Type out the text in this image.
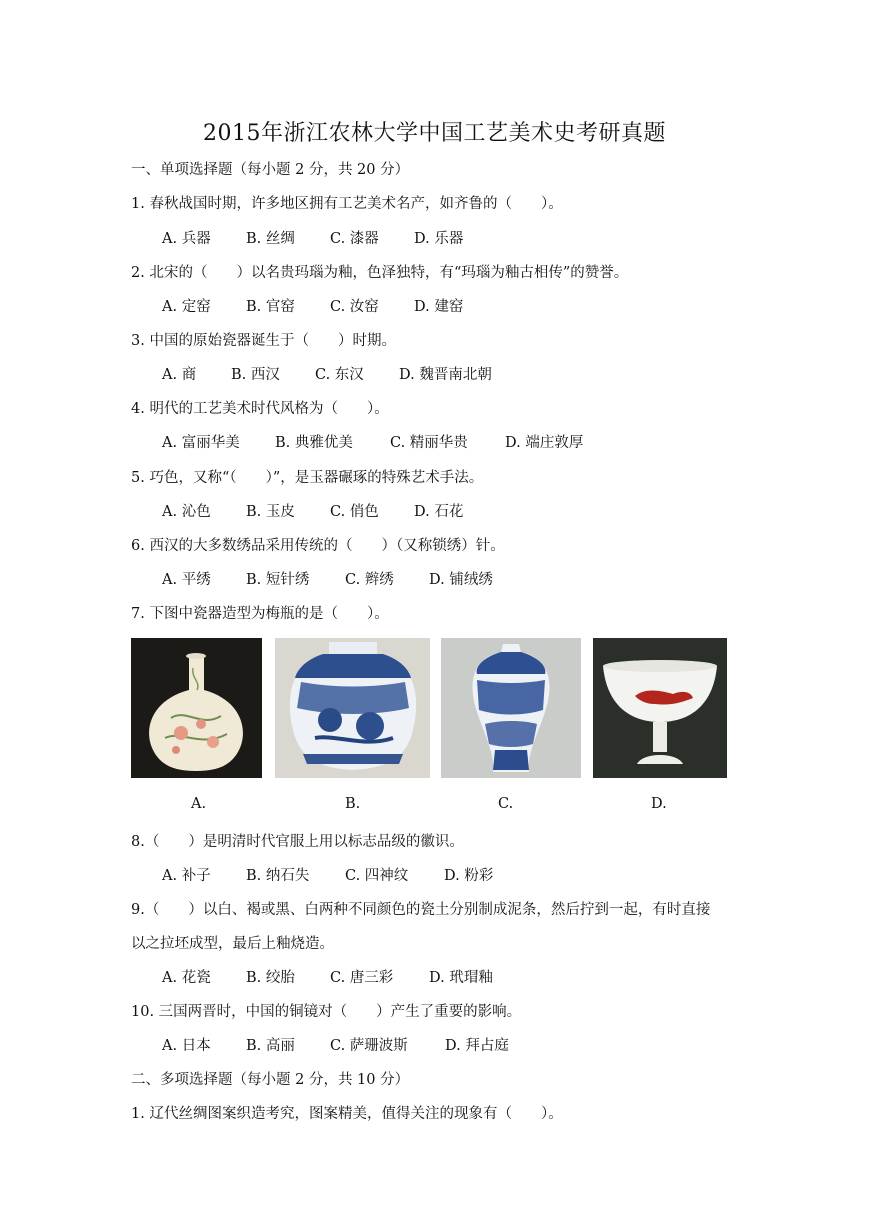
2015年浙江农林大学中国工艺美术史考研真题
一、单项选择题（每小题 2 分，共 20 分）
1. 春秋战国时期，许多地区拥有工艺美术名产，如齐鲁的（　　）。
A. 兵器 B. 丝绸 C. 漆器 D. 乐器
2. 北宋的（　　）以名贵玛瑙为釉，色泽独特，有“玛瑙为釉古相传”的赞誉。
A. 定窑 B. 官窑 C. 汝窑 D. 建窑
3. 中国的原始瓷器诞生于（　　）时期。
A. 商 B. 西汉 C. 东汉 D. 魏晋南北朝
4. 明代的工艺美术时代风格为（　　）。
A. 富丽华美 B. 典雅优美	C. 精丽华贵	D. 端庄敦厚
5. 巧色，又称“（　　）”，是玉器碾琢的特殊艺术手法。
A. 沁色 B. 玉皮 C. 俏色 D. 石花
6. 西汉的大多数绣品采用传统的（　　）（又称锁绣）针。
A. 平绣 B. 短针绣 C. 辫绣 D. 铺绒绣
7. 下图中瓷器造型为梅瓶的是（　　）。
A.	B.	C.	D.
8.（　　）是明清时代官服上用以标志品级的徽识。
A. 补子 B. 纳石失 C. 四神纹 D. 粉彩
9.（　　）以白、褐或黑、白两种不同颜色的瓷土分别制成泥条，然后拧到一起，有时直接
以之拉坯成型，最后上釉烧造。
A. 花瓷 B. 绞胎 C. 唐三彩 D. 玳瑁釉
10. 三国两晋时，中国的铜镜对（　　）产生了重要的影响。
A. 日本 B. 高丽 C. 萨珊波斯	D. 拜占庭
二、多项选择题（每小题 2 分，共 10 分）
1. 辽代丝绸图案织造考究，图案精美，值得关注的现象有（　　）。
